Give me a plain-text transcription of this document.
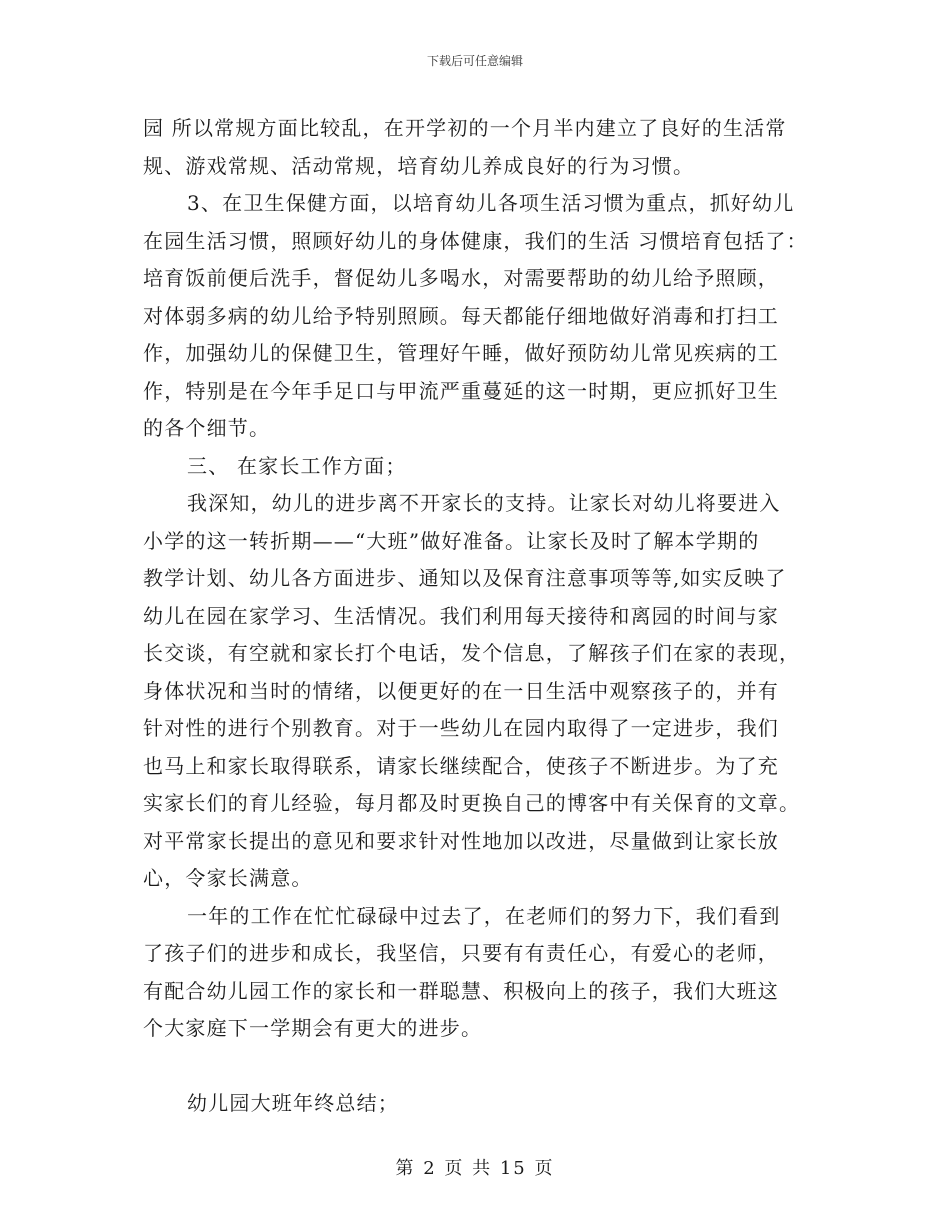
下载后可任意编辑
园 所以常规方面比较乱，在开学初的一个月半内建立了良好的生活常
规、游戏常规、活动常规，培育幼儿养成良好的行为习惯。
3、在卫生保健方面，以培育幼儿各项生活习惯为重点，抓好幼儿
在园生活习惯，照顾好幼儿的身体健康，我们的生活 习惯培育包括了：
培育饭前便后洗手，督促幼儿多喝水，对需要帮助的幼儿给予照顾，
对体弱多病的幼儿给予特别照顾。每天都能仔细地做好消毒和打扫工
作，加强幼儿的保健卫生，管理好午睡，做好预防幼儿常见疾病的工
作，特别是在今年手足口与甲流严重蔓延的这一时期，更应抓好卫生
的各个细节。
三、 在家长工作方面；
我深知，幼儿的进步离不开家长的支持。让家长对幼儿将要进入
小学的这一转折期——“大班”做好准备。让家长及时了解本学期的
教学计划、幼儿各方面进步、通知以及保育注意事项等等,如实反映了
幼儿在园在家学习、生活情况。我们利用每天接待和离园的时间与家
长交谈，有空就和家长打个电话，发个信息，了解孩子们在家的表现，
身体状况和当时的情绪，以便更好的在一日生活中观察孩子的，并有
针对性的进行个别教育。对于一些幼儿在园内取得了一定进步，我们
也马上和家长取得联系，请家长继续配合，使孩子不断进步。为了充
实家长们的育儿经验，每月都及时更换自己的博客中有关保育的文章。
对平常家长提出的意见和要求针对性地加以改进，尽量做到让家长放
心，令家长满意。
一年的工作在忙忙碌碌中过去了，在老师们的努力下，我们看到
了孩子们的进步和成长，我坚信，只要有有责任心，有爱心的老师，
有配合幼儿园工作的家长和一群聪慧、积极向上的孩子，我们大班这
个大家庭下一学期会有更大的进步。
幼儿园大班年终总结；
第 2 页 共 15 页
